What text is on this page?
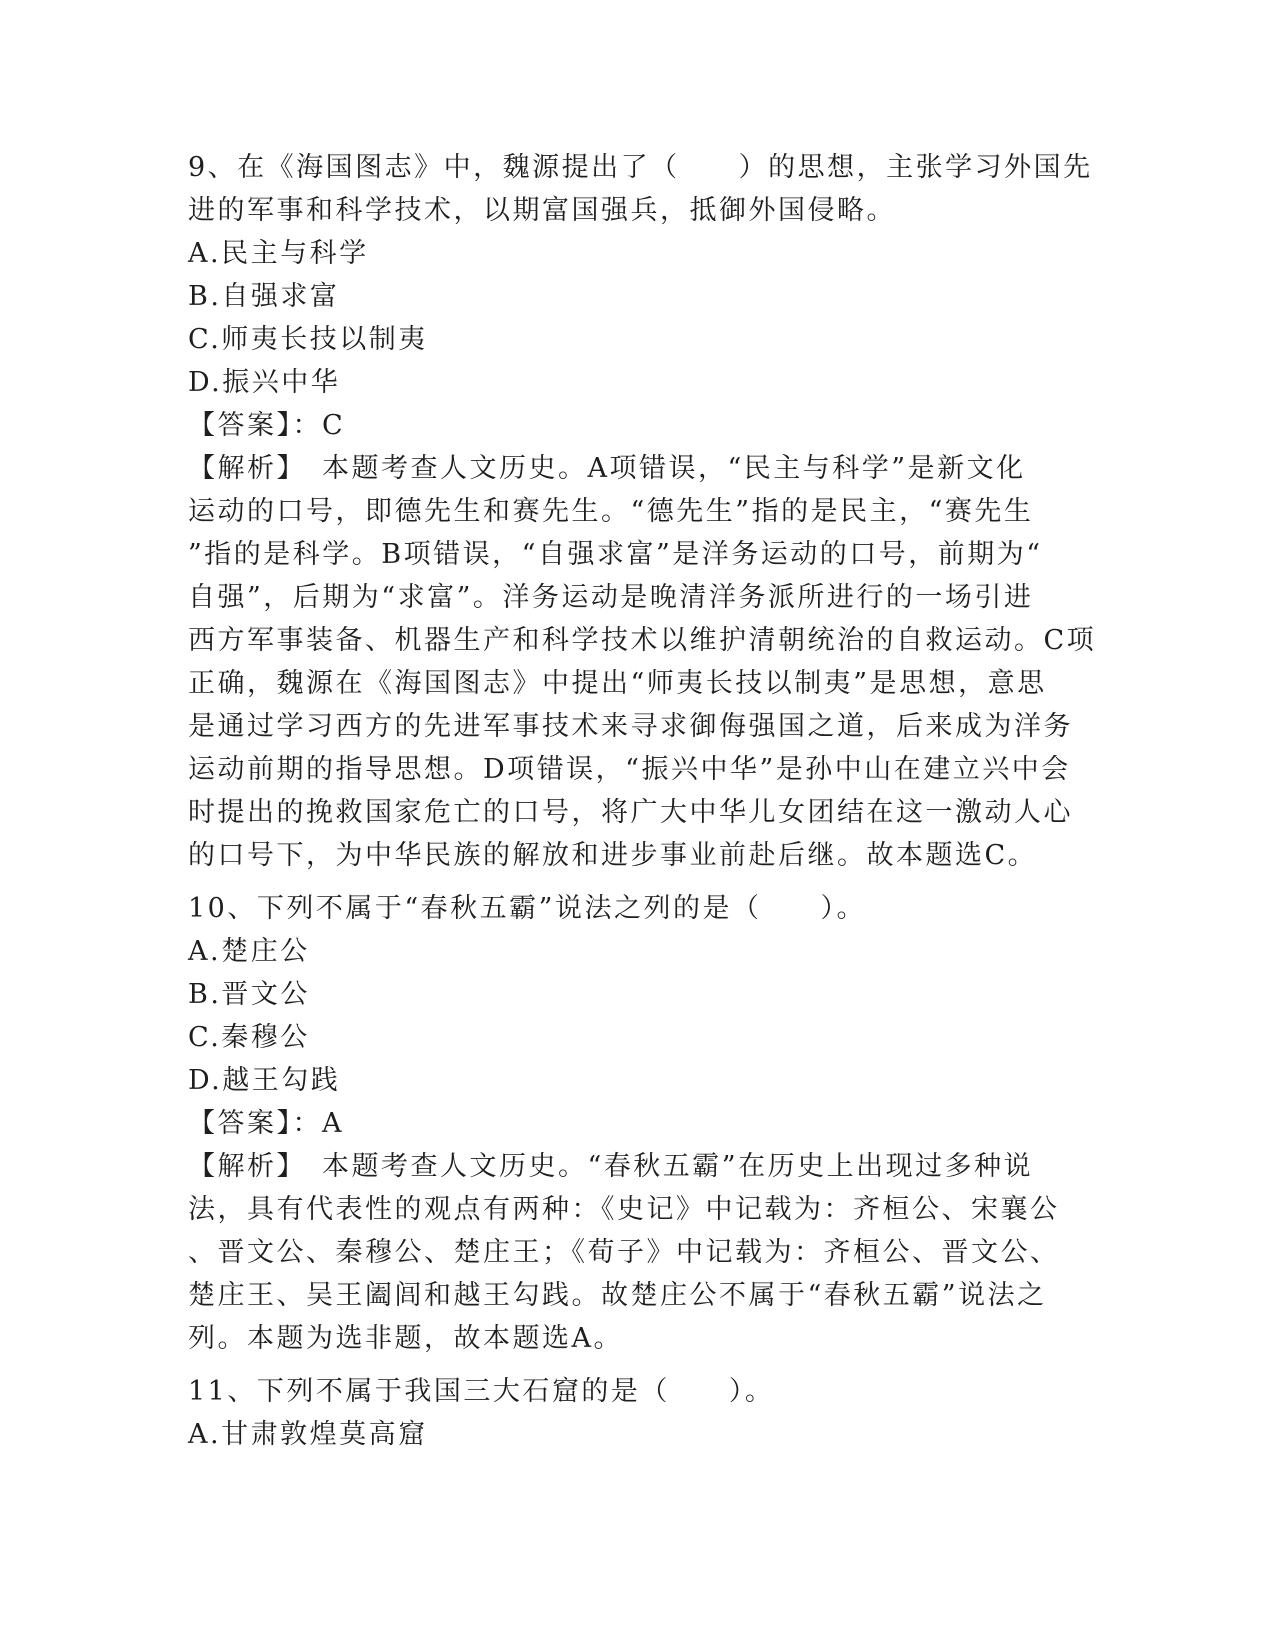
9、在《海国图志》中，魏源提出了（　　）的思想，主张学习外国先
进的军事和科学技术，以期富国强兵，抵御外国侵略。
A.民主与科学
B.自强求富
C.师夷长技以制夷
D.振兴中华
【答案】：C
【解析】　本题考查人文历史。A项错误，“民主与科学”是新文化
运动的口号，即德先生和赛先生。“德先生”指的是民主，“赛先生
”指的是科学。B项错误，“自强求富”是洋务运动的口号，前期为“
自强”，后期为“求富”。洋务运动是晚清洋务派所进行的一场引进
西方军事装备、机器生产和科学技术以维护清朝统治的自救运动。C项
正确，魏源在《海国图志》中提出“师夷长技以制夷”是思想，意思
是通过学习西方的先进军事技术来寻求御侮强国之道，后来成为洋务
运动前期的指导思想。D项错误，“振兴中华”是孙中山在建立兴中会
时提出的挽救国家危亡的口号，将广大中华儿女团结在这一激动人心
的口号下，为中华民族的解放和进步事业前赴后继。故本题选C。
10、下列不属于“春秋五霸”说法之列的是（　　）。
A.楚庄公
B.晋文公
C.秦穆公
D.越王勾践
【答案】：A
【解析】　本题考查人文历史。“春秋五霸”在历史上出现过多种说
法，具有代表性的观点有两种：《史记》中记载为：齐桓公、宋襄公
、晋文公、秦穆公、楚庄王；《荀子》中记载为：齐桓公、晋文公、
楚庄王、吴王阖闾和越王勾践。故楚庄公不属于“春秋五霸”说法之
列。本题为选非题，故本题选A。
11、下列不属于我国三大石窟的是（　　）。
A.甘肃敦煌莫高窟
